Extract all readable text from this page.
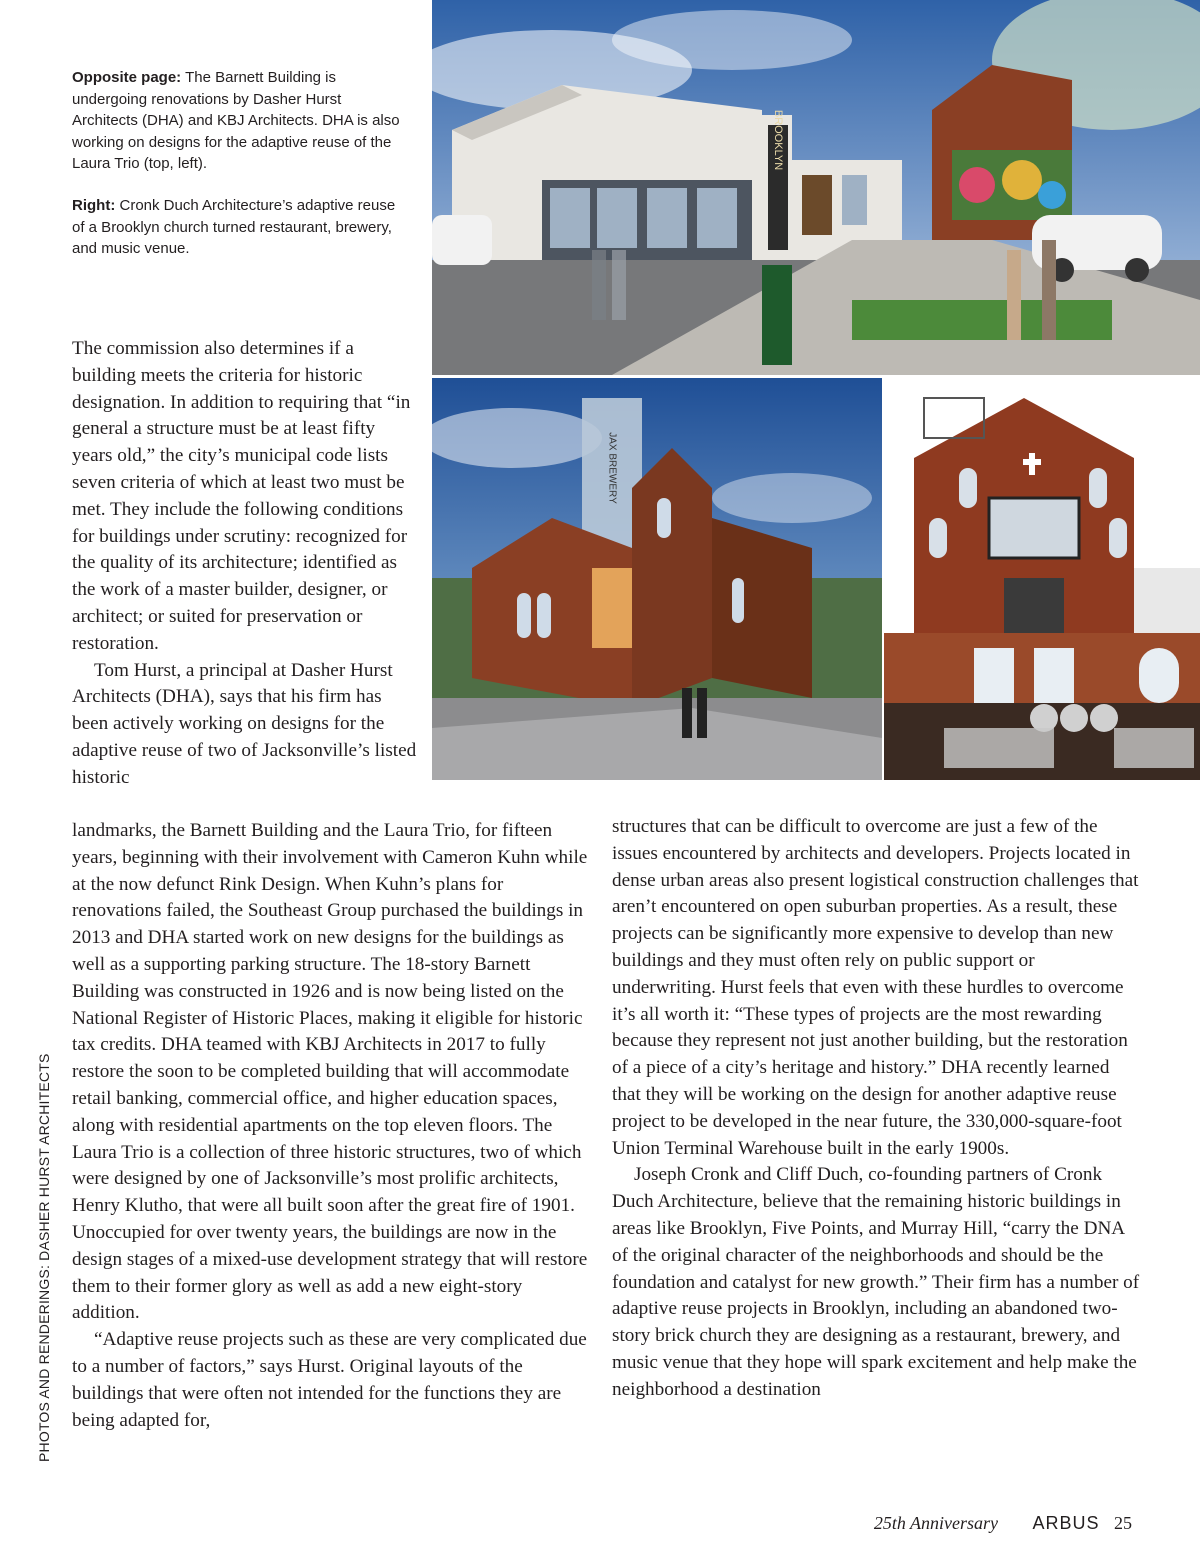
Opposite page: The Barnett Building is undergoing renovations by Dasher Hurst Architects (DHA) and KBJ Architects. DHA is also working on designs for the adaptive reuse of the Laura Trio (top, left).

Right: Cronk Duch Architecture’s adaptive reuse of a Brooklyn church turned restaurant, brewery, and music venue.

BROOKLYN
JAX BREWERY

The commission also determines if a building meets the criteria for historic designation. In addition to requiring that “in general a structure must be at least fifty years old,” the city’s municipal code lists seven criteria of which at least two must be met. They include the following conditions for buildings under scrutiny: recognized for the quality of its architecture; identified as the work of a master builder, designer, or architect; or suited for preservation or restoration.

Tom Hurst, a principal at Dasher Hurst Architects (DHA), says that his firm has been actively working on designs for the adaptive reuse of two of Jacksonville’s listed historic

landmarks, the Barnett Building and the Laura Trio, for fifteen years, beginning with their involvement with Cameron Kuhn while at the now defunct Rink Design. When Kuhn’s plans for renovations failed, the Southeast Group purchased the buildings in 2013 and DHA started work on new designs for the buildings as well as a supporting parking structure. The 18-story Barnett Building was constructed in 1926 and is now being listed on the National Register of Historic Places, making it eligible for historic tax credits. DHA teamed with KBJ Architects in 2017 to fully restore the soon to be completed building that will accommodate retail banking, commercial office, and higher education spaces, along with residential apartments on the top eleven floors. The Laura Trio is a collection of three historic structures, two of which were designed by one of Jacksonville’s most prolific architects, Henry Klutho, that were all built soon after the great fire of 1901. Unoccupied for over twenty years, the buildings are now in the design stages of a mixed-use development strategy that will restore them to their former glory as well as add a new eight-story addition.

“Adaptive reuse projects such as these are very complicated due to a number of factors,” says Hurst. Original layouts of the buildings that were often not intended for the functions they are being adapted for,

structures that can be difficult to overcome are just a few of the issues encountered by architects and developers. Projects located in dense urban areas also present logistical construction challenges that aren’t encountered on open suburban properties. As a result, these projects can be significantly more expensive to develop than new buildings and they must often rely on public support or underwriting. Hurst feels that even with these hurdles to overcome it’s all worth it: “These types of projects are the most rewarding because they represent not just another building, but the restoration of a piece of a city’s heritage and history.” DHA recently learned that they will be working on the design for another adaptive reuse project to be developed in the near future, the 330,000-square-foot Union Terminal Warehouse built in the early 1900s.

Joseph Cronk and Cliff Duch, co-founding partners of Cronk Duch Architecture, believe that the remaining historic buildings in areas like Brooklyn, Five Points, and Murray Hill, “carry the DNA of the original character of the neighborhoods and should be the foundation and catalyst for new growth.” Their firm has a number of adaptive reuse projects in Brooklyn, including an abandoned two-story brick church they are designing as a restaurant, brewery, and music venue that they hope will spark excitement and help make the neighborhood a destination

PHOTOS AND RENDERINGS: DASHER HURST ARCHITECTS
25th Anniversary ARBUS 25
